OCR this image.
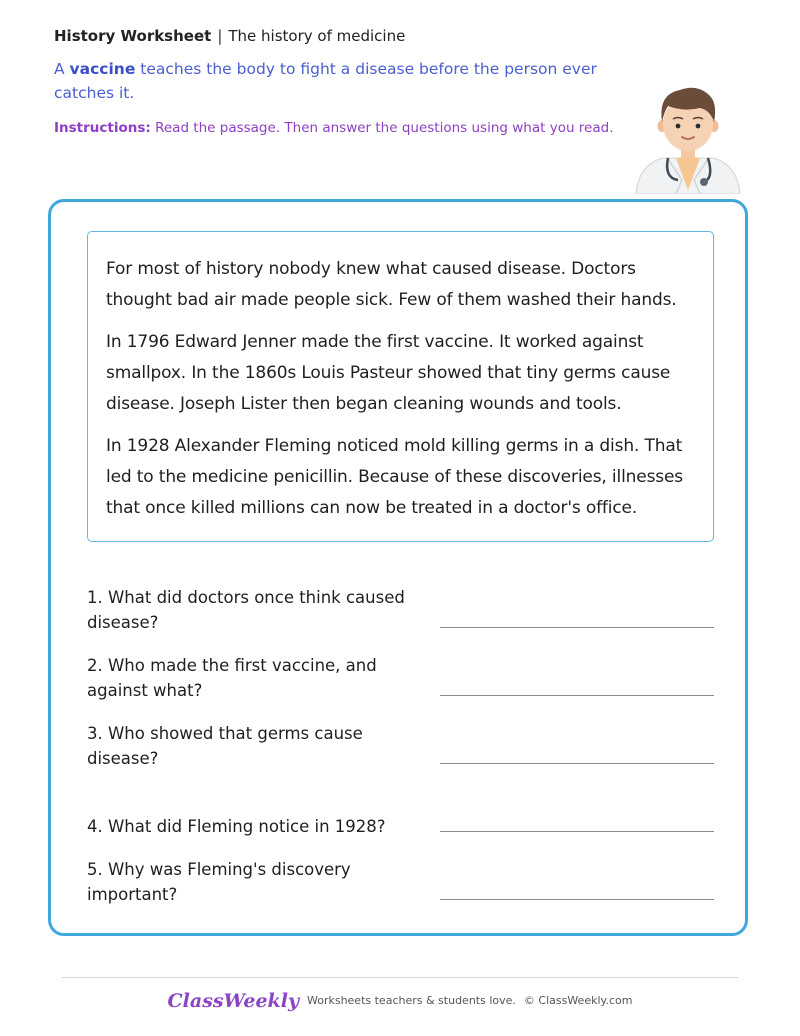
History Worksheet | The history of medicine
A vaccine teaches the body to fight a disease before the person ever catches it.
Instructions: Read the passage. Then answer the questions using what you read.

For most of history nobody knew what caused disease. Doctors thought bad air made people sick. Few of them washed their hands.

In 1796 Edward Jenner made the first vaccine. It worked against smallpox. In the 1860s Louis Pasteur showed that tiny germs cause disease. Joseph Lister then began cleaning wounds and tools.

In 1928 Alexander Fleming noticed mold killing germs in a dish. That led to the medicine penicillin. Because of these discoveries, illnesses that once killed millions can now be treated in a doctor's office.

1. What did doctors once think caused disease?
2. Who made the first vaccine, and against what?
3. Who showed that germs cause disease?
4. What did Fleming notice in 1928?
5. Why was Fleming's discovery important?
ClassWeekly Worksheets teachers & students love. © ClassWeekly.com
